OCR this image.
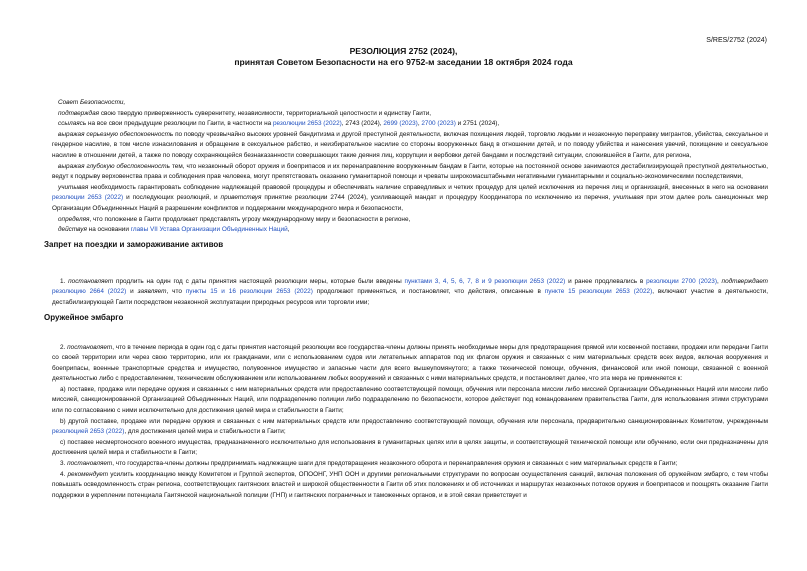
S/RES/2752 (2024)
РЕЗОЛЮЦИЯ 2752 (2024),
принятая Советом Безопасности на его 9752-м заседании 18 октября 2024 года

Совет Безопасности,

подтверждая свою твердую приверженность суверенитету, независимости, территориальной целостности и единству Гаити,

ссылаясь на все свои предыдущие резолюции по Гаити, в частности на резолюции 2653 (2022), 2743 (2024), 2699 (2023), 2700 (2023) и 2751 (2024),

выражая серьезную обеспокоенность по поводу чрезвычайно высоких уровней бандитизма и другой преступной деятельности, включая похищения людей, торговлю людьми и незаконную переправку мигрантов, убийства, сексуальное и гендерное насилие, в том числе изнасилования и обращение в сексуальное рабство, и неизбирательное насилие со стороны вооруженных банд в отношении детей, и по поводу убийства и нанесения увечий, похищение и сексуальное насилие в отношении детей, а также по поводу сохраняющейся безнаказанности совершающих такие деяния лиц, коррупции и вербовки детей бандами и последствий ситуации, сложившейся в Гаити, для региона,

выражая глубокую обеспокоенность тем, что незаконный оборот оружия и боеприпасов и их перенаправление вооруженным бандам в Гаити, которые на постоянной основе занимаются дестабилизирующей преступной деятельностью, ведут к подрыву верховенства права и соблюдения прав человека, могут препятствовать оказанию гуманитарной помощи и чреваты широкомасштабными негативными гуманитарными и социально-экономическими последствиями,

учитывая необходимость гарантировать соблюдение надлежащей правовой процедуры и обеспечивать наличие справедливых и четких процедур для целей исключения из перечня лиц и организаций, внесенных в него на основании резолюции 2653 (2022) и последующих резолюций, и приветствуя принятие резолюции 2744 (2024), усиливающей мандат и процедуру Координатора по исключению из перечня, учитывая при этом далее роль санкционных мер Организации Объединенных Наций в разрешении конфликтов и поддержании международного мира и безопасности,

определяя, что положение в Гаити продолжает представлять угрозу международному миру и безопасности в регионе,

действуя на основании главы VII Устава Организации Объединенных Наций,

Запрет на поездки и замораживание активов

1. постановляет продлить на один год с даты принятия настоящей резолюции меры, которые были введены пунктами 3, 4, 5, 6, 7, 8 и 9 резолюции 2653 (2022) и ранее продлевались в резолюции 2700 (2023), подтверждает резолюцию 2664 (2022) и заявляет, что пункты 15 и 16 резолюции 2653 (2022) продолжают применяться, и постановляет, что действия, описанные в пункте 15 резолюции 2653 (2022), включают участие в деятельности, дестабилизирующей Гаити посредством незаконной эксплуатации природных ресурсов или торговли ими;

Оружейное эмбарго

2. постановляет, что в течение периода в один год с даты принятия настоящей резолюции все государства-члены должны принять необходимые меры для предотвращения прямой или косвенной поставки, продажи или передачи Гаити со своей территории или через свою территорию, или их гражданами, или с использованием судов или летательных аппаратов под их флагом оружия и связанных с ним материальных средств всех видов, включая вооружения и боеприпасы, военные транспортные средства и имущество, полувоенное имущество и запасные части для всего вышеупомянутого; а также технической помощи, обучения, финансовой или иной помощи, связанной с военной деятельностью либо с предоставлением, техническим обслуживанием или использованием любых вооружений и связанных с ними материальных средств, и постановляет далее, что эта мера не применяется к:

a) поставке, продаже или передаче оружия и связанных с ним материальных средств или предоставлению соответствующей помощи, обучения или персонала миссии либо миссией Организации Объединенных Наций или миссии либо миссией, санкционированной Организацией Объединенных Наций, или подразделению полиции либо подразделению по безопасности, которое действует под командованием правительства Гаити, для использования этими структурами или по согласованию с ними исключительно для достижения целей мира и стабильности в Гаити;

b) другой поставке, продаже или передаче оружия и связанных с ним материальных средств или предоставлению соответствующей помощи, обучения или персонала, предварительно санкционированных Комитетом, учрежденным резолюцией 2653 (2022), для достижения целей мира и стабильности в Гаити;

c) поставке несмертоносного военного имущества, предназначенного исключительно для использования в гуманитарных целях или в целях защиты, и соответствующей технической помощи или обучению, если они предназначены для достижения целей мира и стабильности в Гаити;

3. постановляет, что государства-члены должны предпринимать надлежащие шаги для предотвращения незаконного оборота и перенаправления оружия и связанных с ним материальных средств в Гаити;

4. рекомендует усилить координацию между Комитетом и Группой экспертов, ОПООНГ, УНП ООН и другими региональными структурами по вопросам осуществления санкций, включая положения об оружейном эмбарго, с тем чтобы повышать осведомленность стран региона, соответствующих гаитянских властей и широкой общественности в Гаити об этих положениях и об источниках и маршрутах незаконных потоков оружия и боеприпасов и поощрять оказание Гаити поддержки в укреплении потенциала Гаитянской национальной полиции (ГНП) и гаитянских пограничных и таможенных органов, и в этой связи приветствует и
